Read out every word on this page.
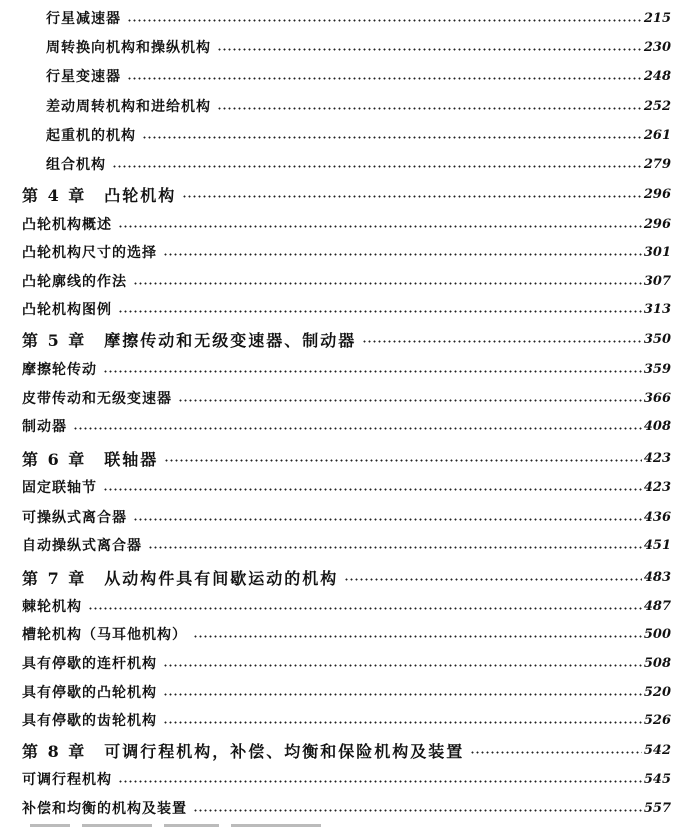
行星减速器	215
周转换向机构和操纵机构	230
行星变速器	248
差动周转机构和进给机构	252
起重机的机构	261
组合机构	279
第 4 章 凸轮机构	296
凸轮机构概述	296
凸轮机构尺寸的选择	301
凸轮廓线的作法	307
凸轮机构图例	313
第 5 章 摩擦传动和无级变速器、制动器	350
摩擦轮传动	359
皮带传动和无级变速器	366
制动器	408
第 6 章 联轴器	423
固定联轴节	423
可操纵式离合器	436
自动操纵式离合器	451
第 7 章 从动构件具有间歇运动的机构	483
棘轮机构	487
槽轮机构（马耳他机构）	500
具有停歇的连杆机构	508
具有停歇的凸轮机构	520
具有停歇的齿轮机构	526
第 8 章 可调行程机构，补偿、均衡和保险机构及装置	542
可调行程机构	545
补偿和均衡的机构及装置	557
